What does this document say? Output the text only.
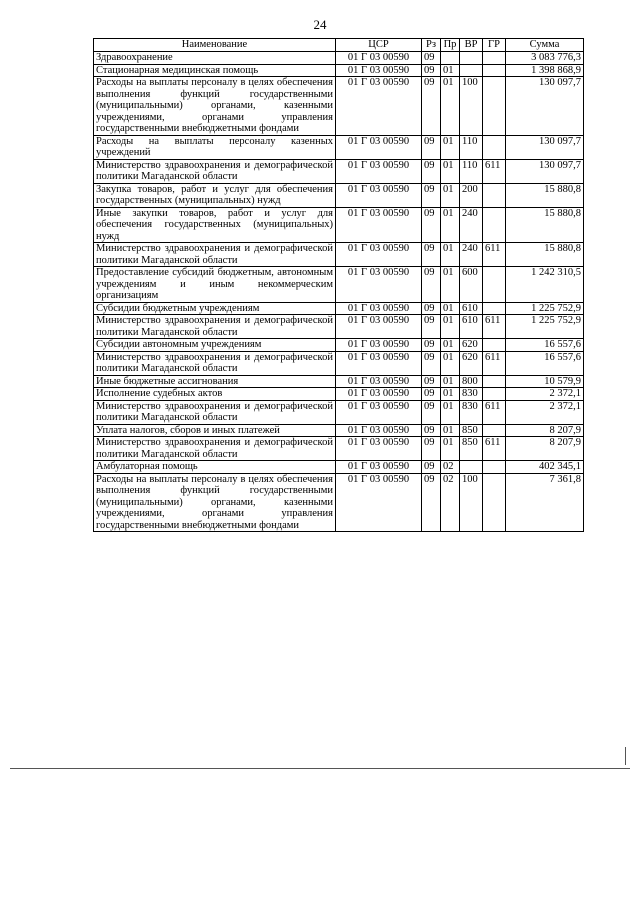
24
Наименование	ЦСР	Рз	Пр	ВР	ГР	Сумма
Здравоохранение	01 Г 03 00590	09				3 083 776,3
Стационарная медицинская помощь	01 Г 03 00590	09	01			1 398 868,9
Расходы на выплаты персоналу в целях обеспечения выполнения функций государственными (муниципальными) органами, казенными учреждениями, органами управления государственными внебюджетными фондами	01 Г 03 00590	09	01	100		130 097,7
Расходы на выплаты персоналу казенных учреждений	01 Г 03 00590	09	01	110		130 097,7
Министерство здравоохранения и демографической политики Магаданской области	01 Г 03 00590	09	01	110	611	130 097,7
Закупка товаров, работ и услуг для обеспечения государственных (муниципальных) нужд	01 Г 03 00590	09	01	200		15 880,8
Иные закупки товаров, работ и услуг для обеспечения государственных (муниципальных) нужд	01 Г 03 00590	09	01	240		15 880,8
Министерство здравоохранения и демографической политики Магаданской области	01 Г 03 00590	09	01	240	611	15 880,8
Предоставление субсидий бюджетным, автономным учреждениям и иным некоммерческим организациям	01 Г 03 00590	09	01	600		1 242 310,5
Субсидии бюджетным учреждениям	01 Г 03 00590	09	01	610		1 225 752,9
Министерство здравоохранения и демографической политики Магаданской области	01 Г 03 00590	09	01	610	611	1 225 752,9
Субсидии автономным учреждениям	01 Г 03 00590	09	01	620		16 557,6
Министерство здравоохранения и демографической политики Магаданской области	01 Г 03 00590	09	01	620	611	16 557,6
Иные бюджетные ассигнования	01 Г 03 00590	09	01	800		10 579,9
Исполнение судебных актов	01 Г 03 00590	09	01	830		2 372,1
Министерство здравоохранения и демографической политики Магаданской области	01 Г 03 00590	09	01	830	611	2 372,1
Уплата налогов, сборов и иных платежей	01 Г 03 00590	09	01	850		8 207,9
Министерство здравоохранения и демографической политики Магаданской области	01 Г 03 00590	09	01	850	611	8 207,9
Амбулаторная помощь	01 Г 03 00590	09	02			402 345,1
Расходы на выплаты персоналу в целях обеспечения выполнения функций государственными (муниципальными) органами, казенными учреждениями, органами управления государственными внебюджетными фондами	01 Г 03 00590	09	02	100		7 361,8
